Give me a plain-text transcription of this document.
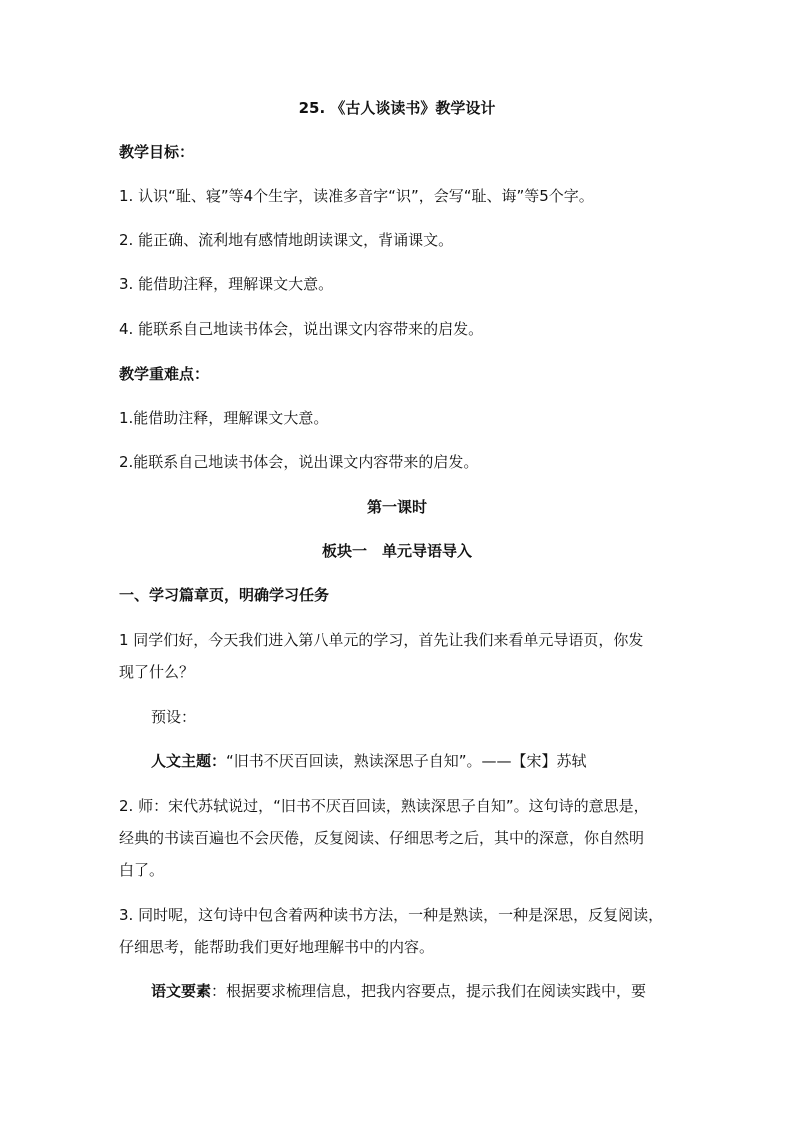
25. 《古人谈读书》教学设计
教学目标：
1. 认识“耻、寝”等4个生字，读准多音字“识”，会写“耻、诲”等5个字。
2. 能正确、流利地有感情地朗读课文，背诵课文。
3. 能借助注释，理解课文大意。
4. 能联系自己地读书体会，说出课文内容带来的启发。
教学重难点：
1.能借助注释，理解课文大意。
2.能联系自己地读书体会，说出课文内容带来的启发。
第一课时
板块一　单元导语导入
一、学习篇章页，明确学习任务
1 同学们好，今天我们进入第八单元的学习，首先让我们来看单元导语页，你发
现了什么？
预设：
人文主题：“旧书不厌百回读，熟读深思子自知”。——【宋】苏轼
2. 师：宋代苏轼说过，“旧书不厌百回读，熟读深思子自知”。这句诗的意思是，
经典的书读百遍也不会厌倦，反复阅读、仔细思考之后，其中的深意，你自然明
白了。
3. 同时呢，这句诗中包含着两种读书方法，一种是熟读，一种是深思，反复阅读，
仔细思考，能帮助我们更好地理解书中的内容。
语文要素：根据要求梳理信息，把我内容要点，提示我们在阅读实践中，要
